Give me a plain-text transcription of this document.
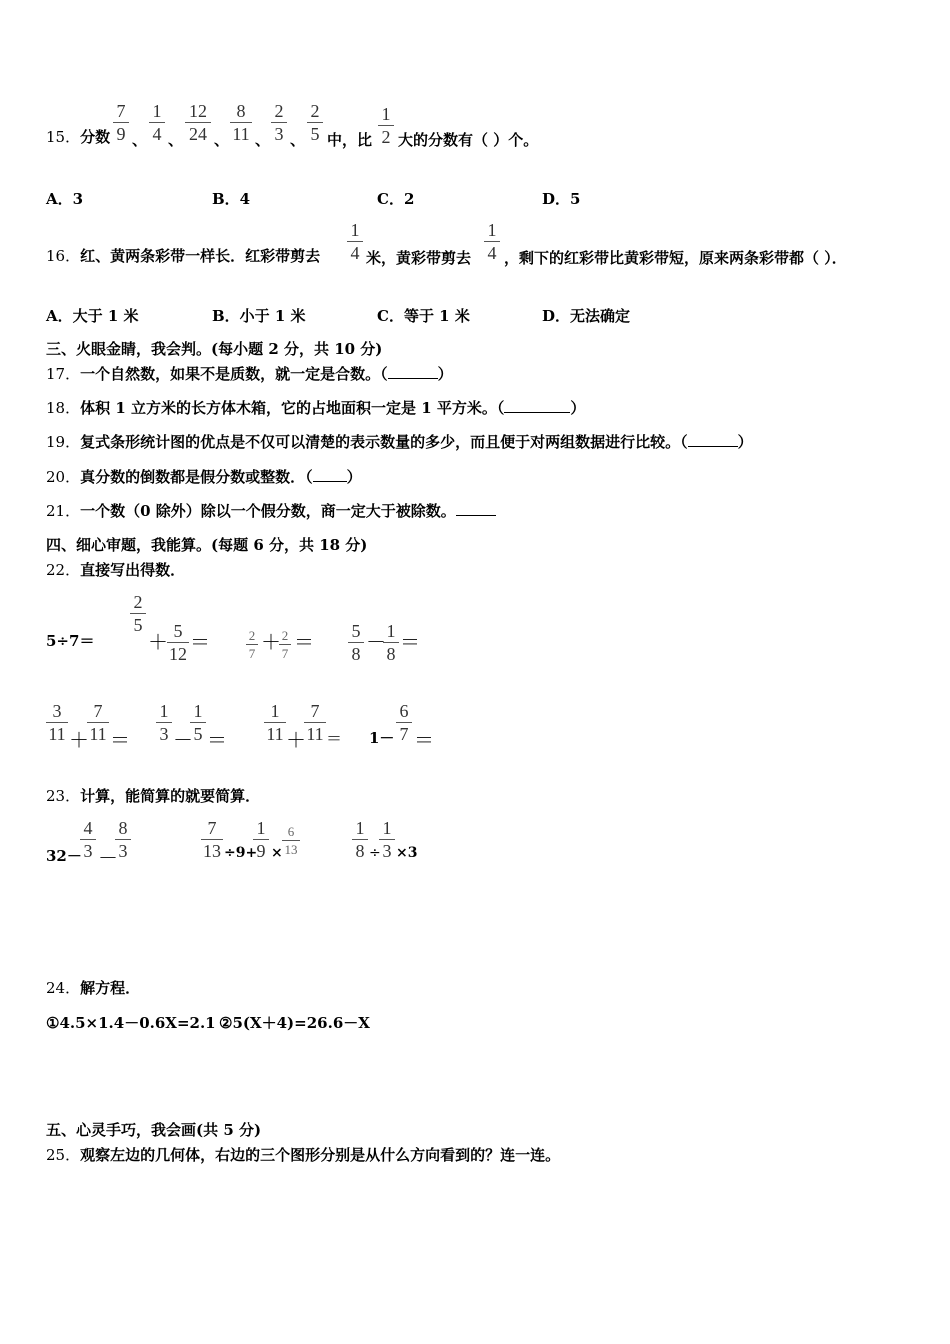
15．分数
7
9 、
1
4 、
12
24 、
8
11 、
2
3 、
2
5 中，比
1
2 大的分数有（ ）个。
A．3	B．4	C．2	D．5
16．红、黄两条彩带一样长．红彩带剪去
1
4 米，黄彩带剪去
1
4 ，剩下的红彩带比黄彩带短，原来两条彩带都（ ）．
A．大于 1 米	B．小于 1 米	C．等于 1 米	D．无法确定
三、火眼金睛，我会判。(每小题 2 分，共 10 分)
17．一个自然数，如果不是质数，就一定是合数。（	）
18．体积 1 立方米的长方体木箱，它的占地面积一定是 1 平方米。（	）
19．复式条形统计图的优点是不仅可以清楚的表示数量的多少，而且便于对两组数据进行比较。（	）
20．真分数的倒数都是假分数或整数．（ ）
21．一个数（0 除外）除以一个假分数，商一定大于被除数。
四、细心审题，我能算。(每题 6 分，共 18 分)
22．直接写出得数．
5÷7＝
2
5
＋
5
12 ＝	2
7 ＋ 2
7 ＝
5
8 －
1
8 ＝
3
11 ＋
7
11 ＝
1
3 －
1
5 ＝
1
11 ＋
7
11 ＝ 1－
6
7 ＝
23．计算，能简算的就要简算．
32－
4
3 －
8
3
7
13 ÷9+
1
9 ×
6
13
1
8 ÷
1
3 ×3
24．解方程．
①4.5×1.4－0.6X=2.1 ②5(X＋4)=26.6－X
五、心灵手巧，我会画(共 5 分)
25．观察左边的几何体，右边的三个图形分别是从什么方向看到的？连一连。
